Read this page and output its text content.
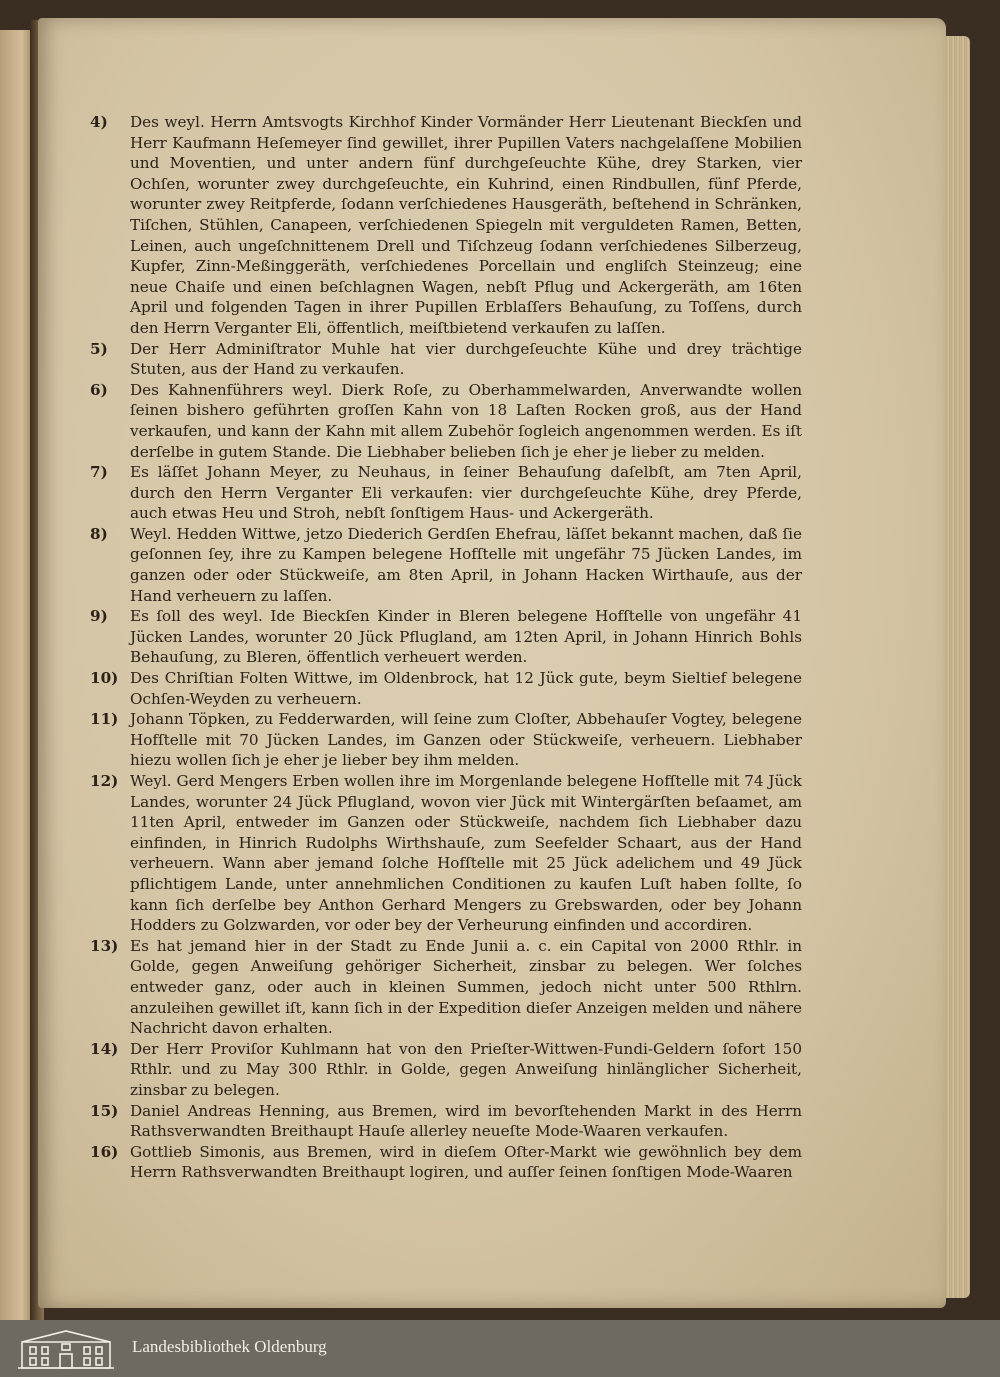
4)	Des weyl. Herrn Amtsvogts Kirchhof Kinder Vormänder Herr Lieutenant Bieckſen und Herr Kaufmann Heſemeyer ſind gewillet, ihrer Pupillen Vaters nachgelaſſene Mobilien und Moventien, und unter andern fünf durchgeſeuchte Kühe, drey Starken, vier Ochſen, worunter zwey durchgeſeuchte, ein Kuhrind, einen Rindbullen, fünf Pferde, worunter zwey Reitpferde, ſodann verſchiedenes Hausgeräth, beſtehend in Schränken, Tiſchen, Stühlen, Canapeen, verſchiedenen Spiegeln mit verguldeten Ramen, Betten, Leinen, auch ungeſchnittenem Drell und Tiſchzeug ſodann verſchiedenes Silberzeug, Kupfer, Zinn-Meßinggeräth, verſchiedenes Porcellain und engliſch Steinzeug; eine neue Chaiſe und einen beſchlagnen Wagen, nebſt Pflug und Ackergeräth, am 16ten April und folgenden Tagen in ihrer Pupillen Erblaſſers Behauſung, zu Toſſens, durch den Herrn Verganter Eli, öffentlich, meiſtbietend verkaufen zu laſſen.
5)	Der Herr Adminiſtrator Muhle hat vier durchgeſeuchte Kühe und drey trächtige Stuten, aus der Hand zu verkaufen.
6)	Des Kahnenführers weyl. Dierk Roſe, zu Oberhammelwarden, Anverwandte wollen ſeinen bishero geführten groſſen Kahn von 18 Laſten Rocken groß, aus der Hand verkaufen, und kann der Kahn mit allem Zubehör ſogleich angenommen werden. Es iſt derſelbe in gutem Stande. Die Liebhaber belieben ſich je eher je lieber zu melden.
7)	Es läſſet Johann Meyer, zu Neuhaus, in ſeiner Behauſung daſelbſt, am 7ten April, durch den Herrn Verganter Eli verkaufen: vier durchgeſeuchte Kühe, drey Pferde, auch etwas Heu und Stroh, nebſt ſonſtigem Haus- und Ackergeräth.
8)	Weyl. Hedden Wittwe, jetzo Diederich Gerdſen Ehefrau, läſſet bekannt machen, daß ſie geſonnen ſey, ihre zu Kampen belegene Hofſtelle mit ungefähr 75 Jücken Landes, im ganzen oder oder Stückweiſe, am 8ten April, in Johann Hacken Wirthauſe, aus der Hand verheuern zu laſſen.
9)	Es ſoll des weyl. Ide Bieckſen Kinder in Bleren belegene Hofſtelle von ungefähr 41 Jücken Landes, worunter 20 Jück Pflugland, am 12ten April, in Johann Hinrich Bohls Behauſung, zu Bleren, öffentlich verheuert werden.
10) Des Chriſtian Folten Wittwe, im Oldenbrock, hat 12 Jück gute, beym Sieltief belegene Ochſen-Weyden zu verheuern.
11) Johann Töpken, zu Fedderwarden, will ſeine zum Cloſter, Abbehauſer Vogtey, belegene Hofſtelle mit 70 Jücken Landes, im Ganzen oder Stückweiſe, verheuern. Liebhaber hiezu wollen ſich je eher je lieber bey ihm melden.
12) Weyl. Gerd Mengers Erben wollen ihre im Morgenlande belegene Hofſtelle mit 74 Jück Landes, worunter 24 Jück Pflugland, wovon vier Jück mit Wintergärſten beſaamet, am 11ten April, entweder im Ganzen oder Stückweiſe, nachdem ſich Liebhaber dazu einfinden, in Hinrich Rudolphs Wirthshauſe, zum Seefelder Schaart, aus der Hand verheuern. Wann aber jemand ſolche Hofſtelle mit 25 Jück adelichem und 49 Jück pflichtigem Lande, unter annehmlichen Conditionen zu kaufen Luſt haben ſollte, ſo kann ſich derſelbe bey Anthon Gerhard Mengers zu Grebswarden, oder bey Johann Hodders zu Golzwarden, vor oder bey der Verheurung einfinden und accordiren.
13) Es hat jemand hier in der Stadt zu Ende Junii a. c. ein Capital von 2000 Rthlr. in Golde, gegen Anweiſung gehöriger Sicherheit, zinsbar zu belegen. Wer ſolches entweder ganz, oder auch in kleinen Summen, jedoch nicht unter 500 Rthlrn. anzuleihen gewillet iſt, kann ſich in der Expedition dieſer Anzeigen melden und nähere Nachricht davon erhalten.
14) Der Herr Proviſor Kuhlmann hat von den Prieſter-Wittwen-Fundi-Geldern ſofort 150 Rthlr. und zu May 300 Rthlr. in Golde, gegen Anweiſung hinlänglicher Sicherheit, zinsbar zu belegen.
15) Daniel Andreas Henning, aus Bremen, wird im bevorſtehenden Markt in des Herrn Rathsverwandten Breithaupt Hauſe allerley neueſte Mode-Waaren verkaufen.
16) Gottlieb Simonis, aus Bremen, wird in dieſem Oſter-Markt wie gewöhnlich bey dem Herrn Rathsverwandten Breithaupt logiren, und auſſer ſeinen ſonſtigen Mode-Waaren
Landesbibliothek Oldenburg
